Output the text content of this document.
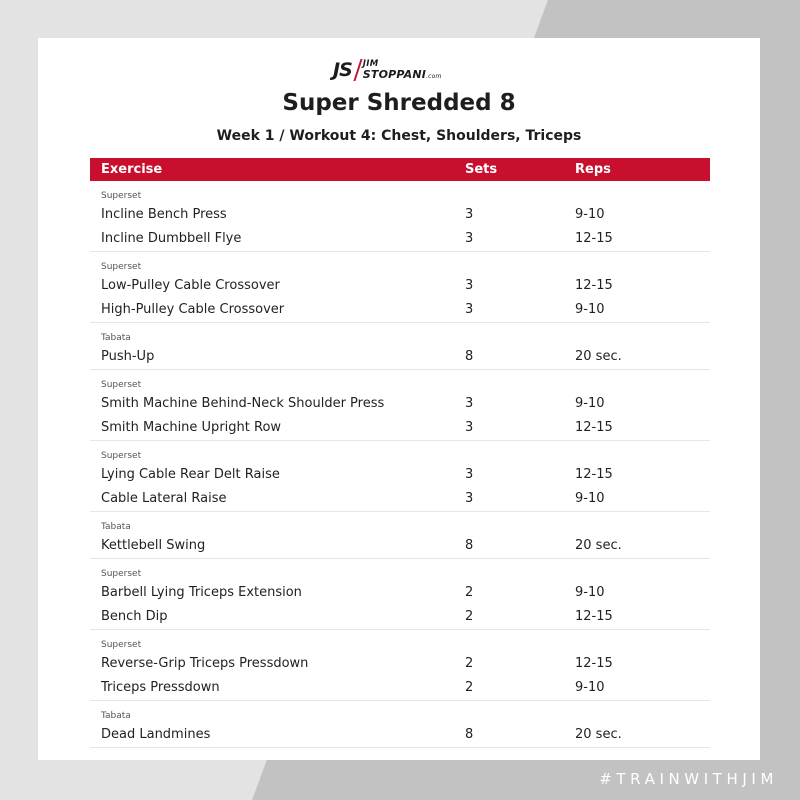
JS JIM
STOPPANI.com
Super Shredded 8
Week 1 / Workout 4: Chest, Shoulders, Triceps
Exercise	Sets	Reps
Superset
Incline Bench Press	3	9-10
Incline Dumbbell Flye	3	12-15
Superset
Low-Pulley Cable Crossover	3	12-15
High-Pulley Cable Crossover	3	9-10
Tabata
Push-Up	8	20 sec.
Superset
Smith Machine Behind-Neck Shoulder Press	3	9-10
Smith Machine Upright Row	3	12-15
Superset
Lying Cable Rear Delt Raise	3	12-15
Cable Lateral Raise	3	9-10
Tabata
Kettlebell Swing	8	20 sec.
Superset
Barbell Lying Triceps Extension	2	9-10
Bench Dip	2	12-15
Superset
Reverse-Grip Triceps Pressdown	2	12-15
Triceps Pressdown	2	9-10
Tabata
Dead Landmines	8	20 sec.
#TRAINWITHJIM
